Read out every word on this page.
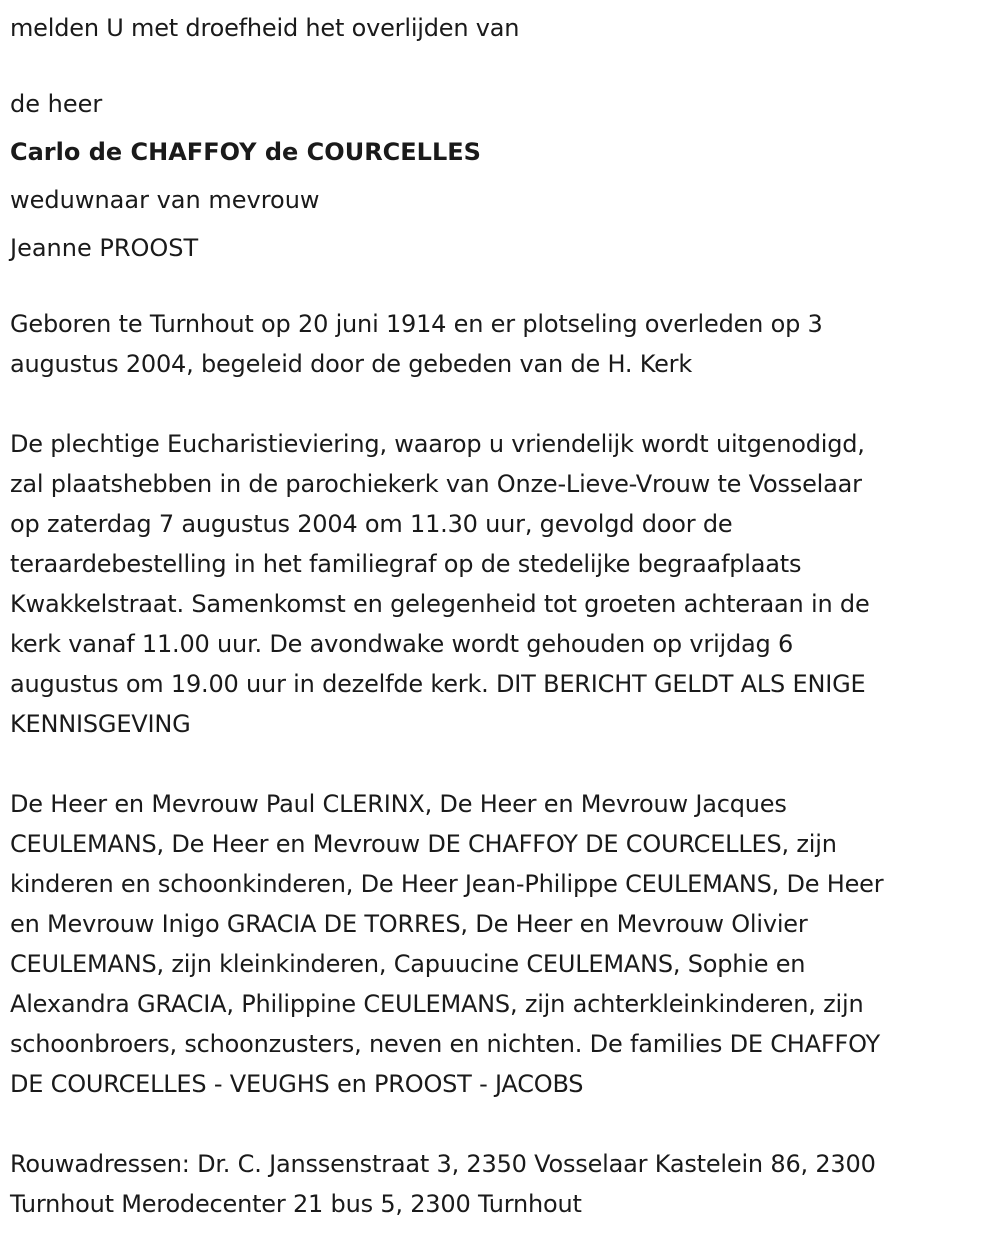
melden U met droefheid het overlijden van
de heer
Carlo de CHAFFOY de COURCELLES
weduwnaar van mevrouw
Jeanne PROOST
Geboren te Turnhout op 20 juni 1914 en er plotseling overleden op 3
augustus 2004, begeleid door de gebeden van de H. Kerk
De plechtige Eucharistieviering, waarop u vriendelijk wordt uitgenodigd,
zal plaatshebben in de parochiekerk van Onze-Lieve-Vrouw te Vosselaar
op zaterdag 7 augustus 2004 om 11.30 uur, gevolgd door de
teraardebestelling in het familiegraf op de stedelijke begraafplaats
Kwakkelstraat. Samenkomst en gelegenheid tot groeten achteraan in de
kerk vanaf 11.00 uur. De avondwake wordt gehouden op vrijdag 6
augustus om 19.00 uur in dezelfde kerk. DIT BERICHT GELDT ALS ENIGE
KENNISGEVING
De Heer en Mevrouw Paul CLERINX, De Heer en Mevrouw Jacques
CEULEMANS, De Heer en Mevrouw DE CHAFFOY DE COURCELLES, zijn
kinderen en schoonkinderen, De Heer Jean-Philippe CEULEMANS, De Heer
en Mevrouw Inigo GRACIA DE TORRES, De Heer en Mevrouw Olivier
CEULEMANS, zijn kleinkinderen, Capuucine CEULEMANS, Sophie en
Alexandra GRACIA, Philippine CEULEMANS, zijn achterkleinkinderen, zijn
schoonbroers, schoonzusters, neven en nichten. De families DE CHAFFOY
DE COURCELLES - VEUGHS en PROOST - JACOBS
Rouwadressen: Dr. C. Janssenstraat 3, 2350 Vosselaar Kastelein 86, 2300
Turnhout Merodecenter 21 bus 5, 2300 Turnhout
